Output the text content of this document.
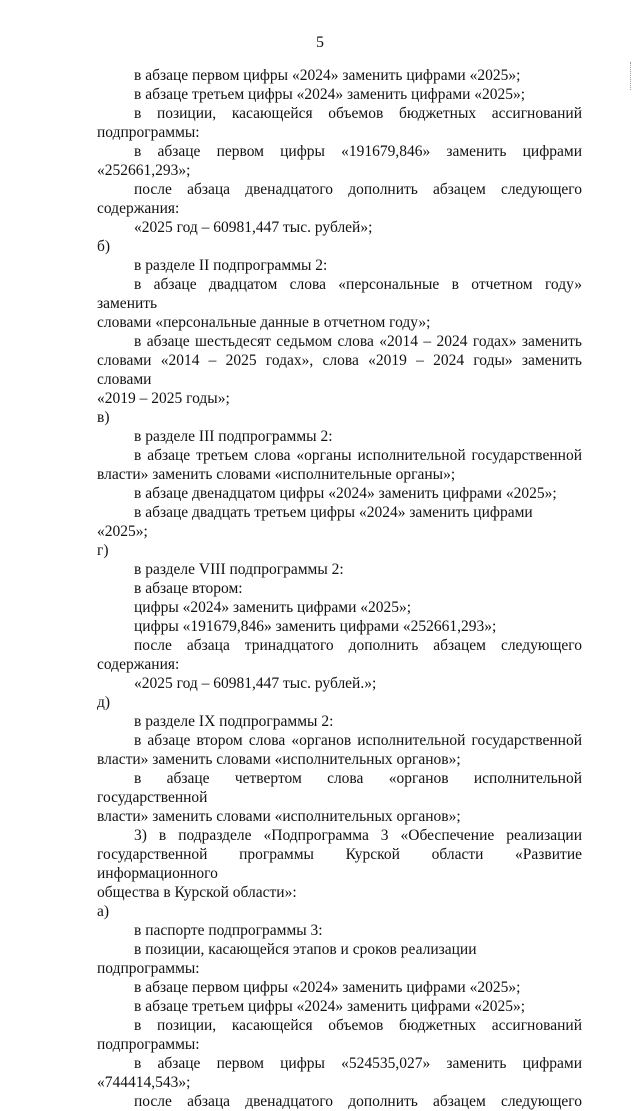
5

в абзаце первом цифры «2024» заменить цифрами «2025»;

в абзаце третьем цифры «2024» заменить цифрами «2025»;

в позиции, касающейся объемов бюджетных ассигнований
подпрограммы:

в абзаце первом цифры «191679,846» заменить цифрами
«252661,293»;

после абзаца двенадцатого дополнить абзацем следующего
содержания:

«2025 год – 60981,447 тыс. рублей»;

б)
в разделе II подпрограммы 2:

в абзаце двадцатом слова «персональные в отчетном году» заменить
словами «персональные данные в отчетном году»;

в абзаце шестьдесят седьмом слова «2014 – 2024 годах» заменить
словами «2014 – 2025 годах», слова «2019 – 2024 годы» заменить словами
«2019 – 2025 годы»;

в)
в разделе III подпрограммы 2:

в абзаце третьем слова «органы исполнительной государственной
власти» заменить словами «исполнительные органы»;

в абзаце двенадцатом цифры «2024» заменить цифрами «2025»;

в абзаце двадцать третьем цифры «2024» заменить цифрами «2025»;

г)
в разделе VIII подпрограммы 2:

в абзаце втором:

цифры «2024» заменить цифрами «2025»;

цифры «191679,846» заменить цифрами «252661,293»;

после абзаца тринадцатого дополнить абзацем следующего
содержания:

«2025 год – 60981,447 тыс. рублей.»;

д)
в разделе IX подпрограммы 2:

в абзаце втором слова «органов исполнительной государственной
власти» заменить словами «исполнительных органов»;

в абзаце четвертом слова «органов исполнительной государственной
власти» заменить словами «исполнительных органов»;

3) в подразделе «Подпрограмма 3 «Обеспечение реализации
государственной программы Курской области «Развитие информационного
общества в Курской области»:

а)
в паспорте подпрограммы 3:

в позиции, касающейся этапов и сроков реализации подпрограммы:

в абзаце первом цифры «2024» заменить цифрами «2025»;

в абзаце третьем цифры «2024» заменить цифрами «2025»;

в позиции, касающейся объемов бюджетных ассигнований
подпрограммы:

в абзаце первом цифры «524535,027» заменить цифрами
«744414,543»;

после абзаца двенадцатого дополнить абзацем следующего
